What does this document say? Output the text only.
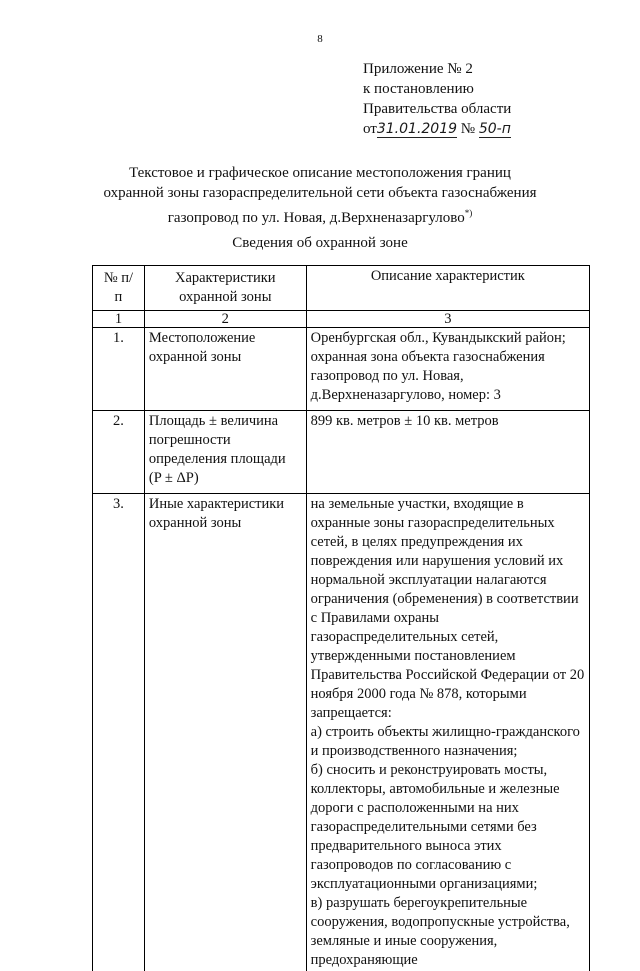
8
Приложение № 2
к постановлению
Правительства области
от31.01.2019 № 50-п
Текстовое и графическое описание местоположения границ
охранной зоны газораспределительной сети объекта газоснабжения
газопровод по ул. Новая, д.Верхненазаргулово*)
Сведения об охранной зоне
№ п/п	Характеристики охранной зоны	Описание характеристик
1	2	3
1.	Местоположение охранной зоны	Оренбургская обл., Кувандыкский район; охранная зона объекта газоснабжения газопровод по ул. Новая, д.Верхненазаргулово, номер: 3
2.	Площадь ± величина погрешности определения площади (P ± ΔP)	899 кв. метров ± 10 кв. метров
3.	Иные характеристики охранной зоны	на земельные участки, входящие в охранные зоны газораспределительных сетей, в целях предупреждения их повреждения или нарушения условий их нормальной эксплуатации налагаются ограничения (обременения) в соответствии с Правилами охраны газораспределительных сетей, утвержденными постановлением Правительства Российской Федерации от 20 ноября 2000 года № 878, которыми запрещается:
а) строить объекты жилищно-гражданского и производственного назначения;
б) сносить и реконструировать мосты, коллекторы, автомобильные и железные дороги с расположенными на них газораспределительными сетями без предварительного выноса этих газопроводов по согласованию с эксплуатационными организациями;
в) разрушать берегоукрепительные сооружения, водопропускные устройства, земляные и иные сооружения, предохраняющие
